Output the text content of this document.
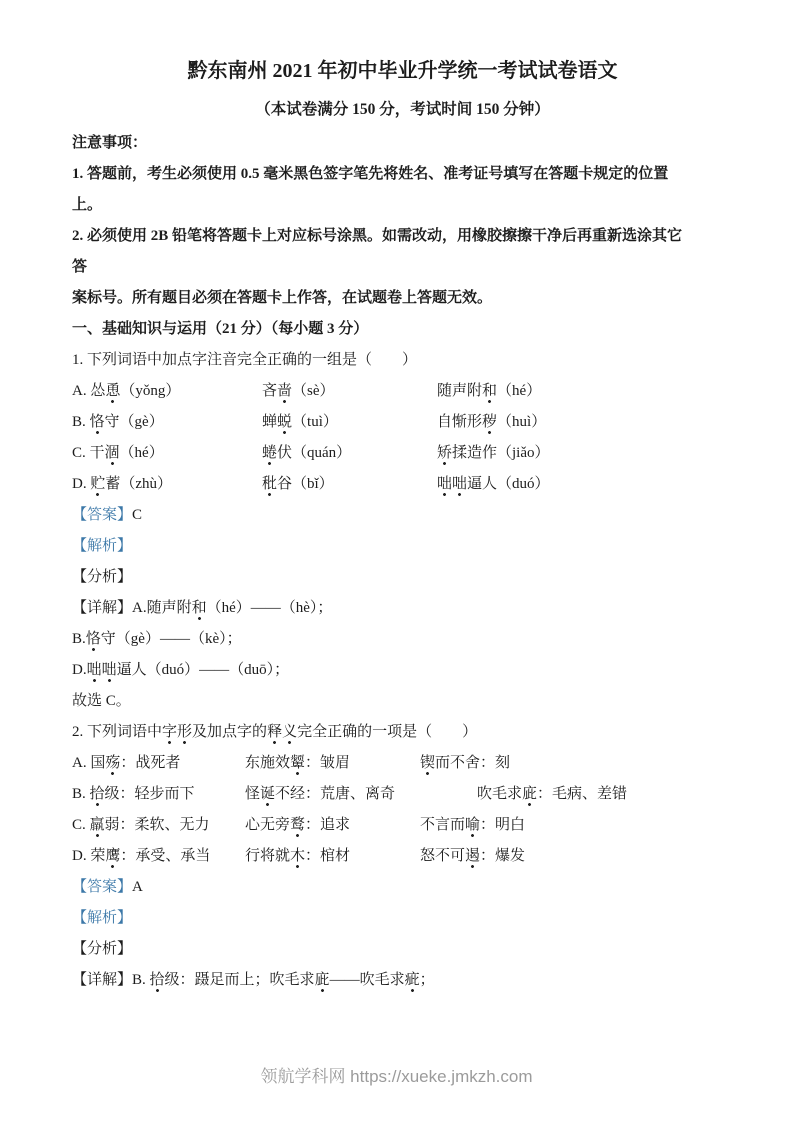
黔东南州 2021 年初中毕业升学统一考试试卷语文
（本试卷满分 150 分，考试时间 150 分钟）

注意事项：

1. 答题前，考生必须使用 0.5 毫米黑色签字笔先将姓名、准考证号填写在答题卡规定的位置

上。

2. 必须使用 2B 铅笔将答题卡上对应标号涂黑。如需改动，用橡胶擦擦干净后再重新选涂其它

答

案标号。所有题目必须在答题卡上作答，在试题卷上答题无效。

一、基础知识与运用（21 分）（每小题 3 分）

1. 下列词语中加点字注音完全正确的一组是（　　）

A. 怂恿（yǒng）	吝啬（sè）	随声附和（hé）
B. 恪守（gè）	蝉蜕（tuì）	自惭形秽（huì）
C. 干涸（hé）	蜷伏（quán）	矫揉造作（jiǎo）
D. 贮蓄（zhù）	秕谷（bǐ）	咄咄逼人（duó）

【答案】C

【解析】

【分析】

【详解】A.随声附和（hé）——（hè）；

B.恪守（gè）——（kè）；

D.咄咄逼人（duó）——（duō）；

故选 C。

2. 下列词语中字形及加点字的释义完全正确的一项是（　　）

A. 国殇：战死者	东施效颦：皱眉	锲而不舍：刻
B. 拾级：轻步而下	怪诞不经：荒唐、离奇	吹毛求庛：毛病、差错
C. 羸弱：柔软、无力 心无旁鹜：追求	不言而喻：明白
D. 荣鹰：承受、承当 行将就木：棺材	怒不可遏：爆发

【答案】A

【解析】

【分析】

【详解】B. 拾级：蹑足而上；吹毛求庛——吹毛求疵；

领航学科网 https://xueke.jmkzh.com
